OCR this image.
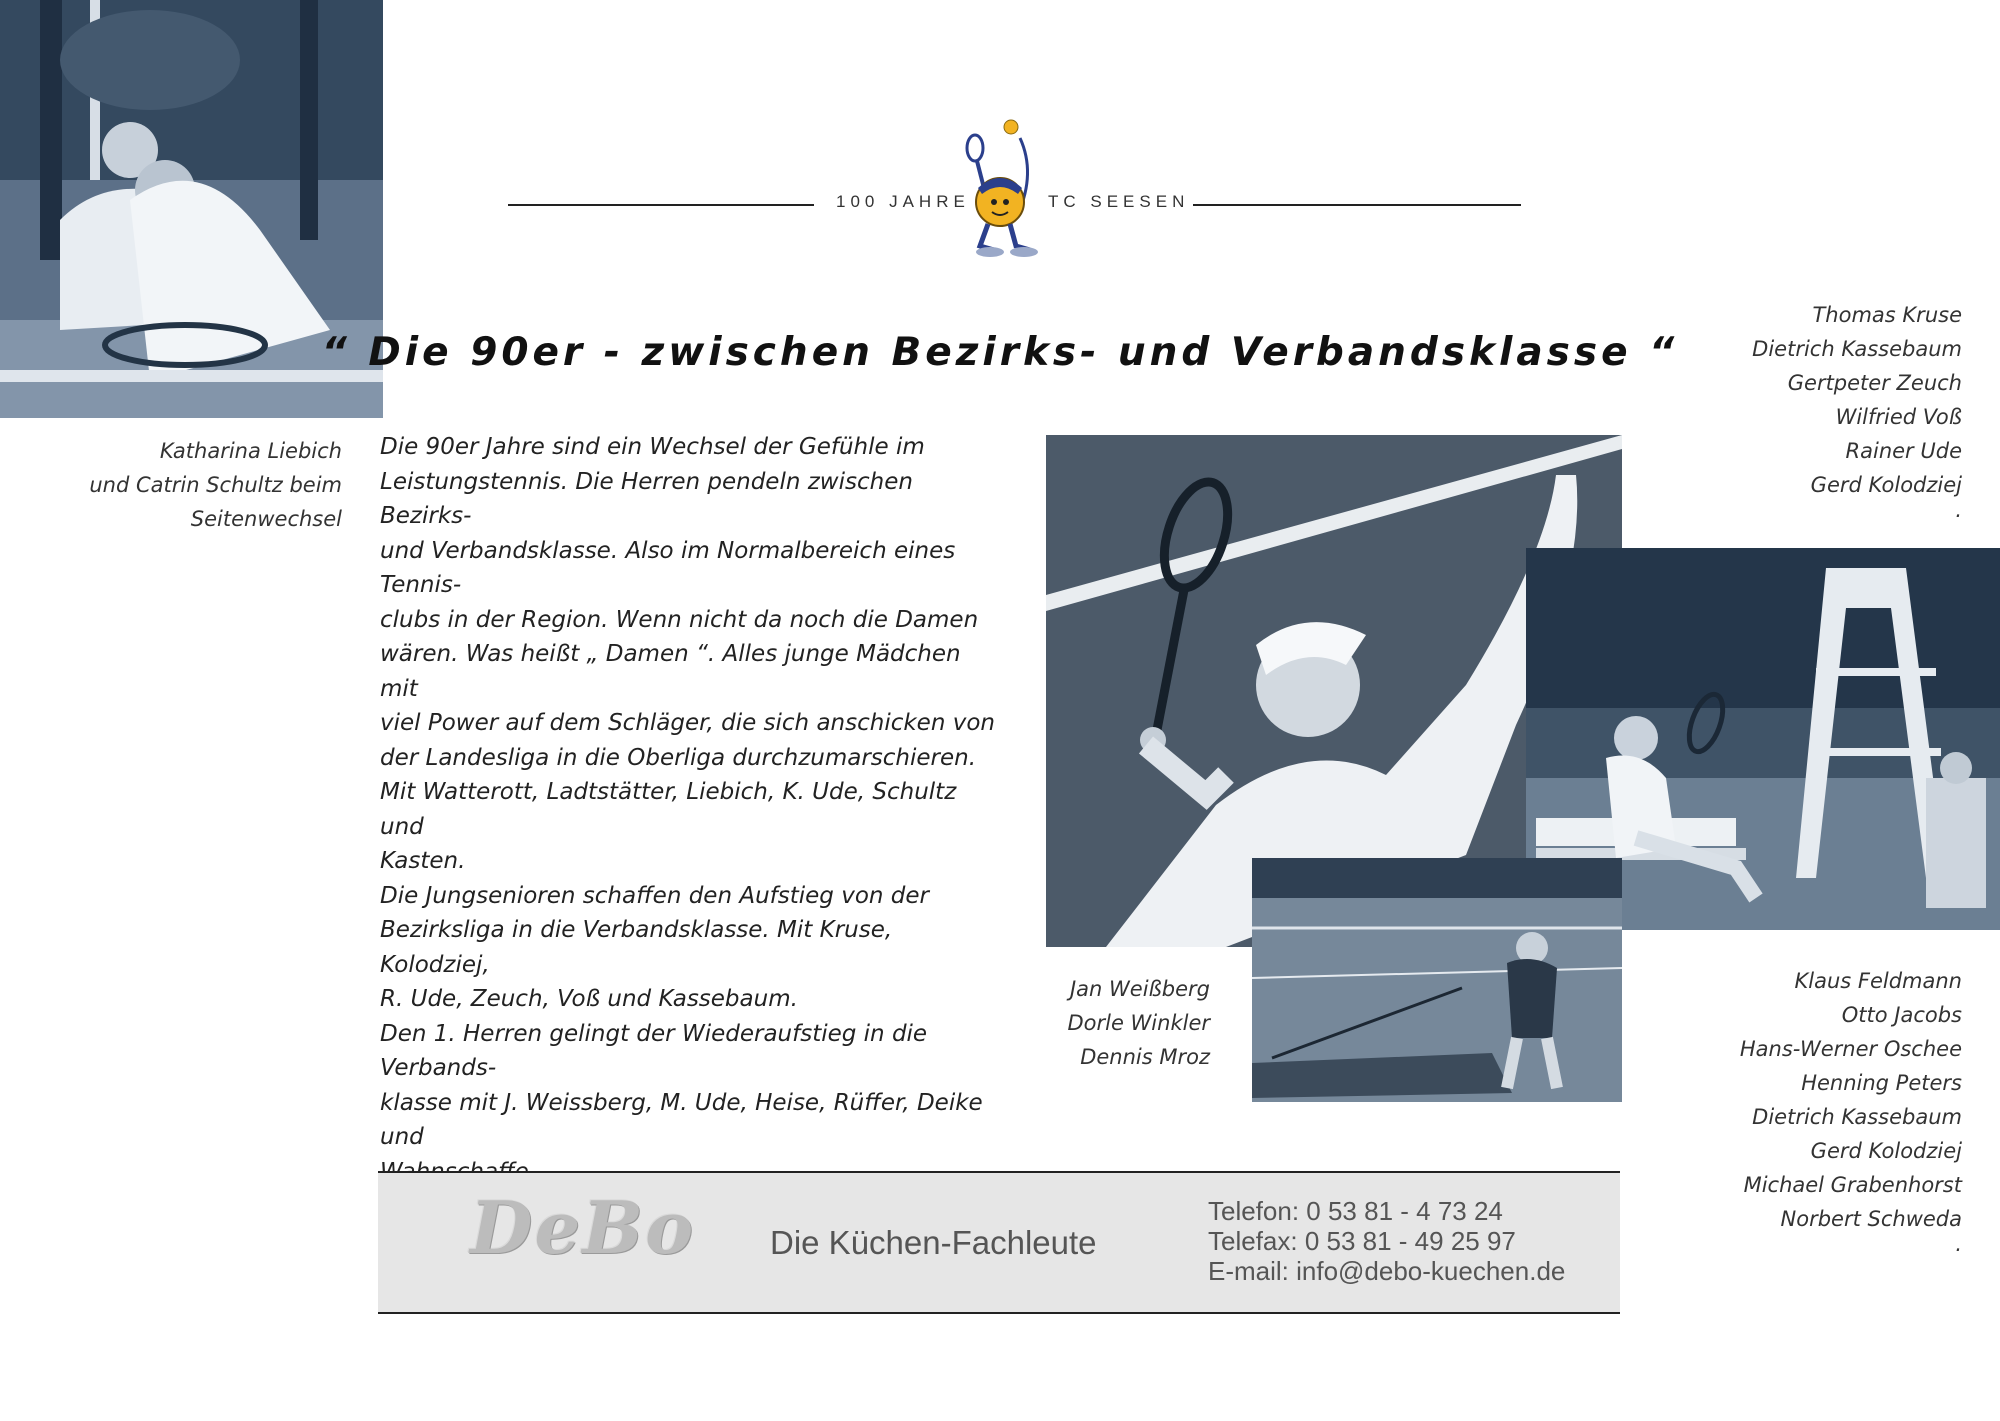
Katharina Liebich
und Catrin Schultz beim
Seitenwechsel
100 JAHRE	TC SEESEN
“ Die 90er - zwischen Bezirks- und Verbandsklasse “

Die 90er Jahre sind ein Wechsel der Gefühle im

Leistungstennis. Die Herren pendeln zwischen Bezirks-

und Verbandsklasse. Also im Normalbereich eines Tennis-

clubs in der Region. Wenn nicht da noch die Damen

wären. Was heißt „ Damen “. Alles junge Mädchen mit

viel Power auf dem Schläger, die sich anschicken von

der Landesliga in die Oberliga durchzumarschieren.

Mit Watterott, Ladtstätter, Liebich, K. Ude, Schultz und

Kasten.

Die Jungsenioren schaffen den Aufstieg von der

Bezirksliga in die Verbandsklasse. Mit Kruse, Kolodziej,

R. Ude, Zeuch, Voß und Kassebaum.

Den 1. Herren gelingt der Wiederaufstieg in die Verbands-

klasse mit J. Weissberg, M. Ude, Heise, Rüffer, Deike und

Thomas Kruse
Dietrich Kassebaum
Gertpeter Zeuch
Wilfried Voß
Rainer Ude
Gerd Kolodziej
.
Jan Weißberg
Dorle Winkler
Dennis Mroz
Klaus Feldmann
Otto Jacobs
Hans-Werner Oschee
Henning Peters
Dietrich Kassebaum
Gerd Kolodziej
Michael Grabenhorst
Norbert Schweda
.
DeBo Die Küchen-Fachleute
Telefon: 0 53 81 - 4 73 24
Telefax: 0 53 81 - 49 25 97
E-mail: info@debo-kuechen.de
